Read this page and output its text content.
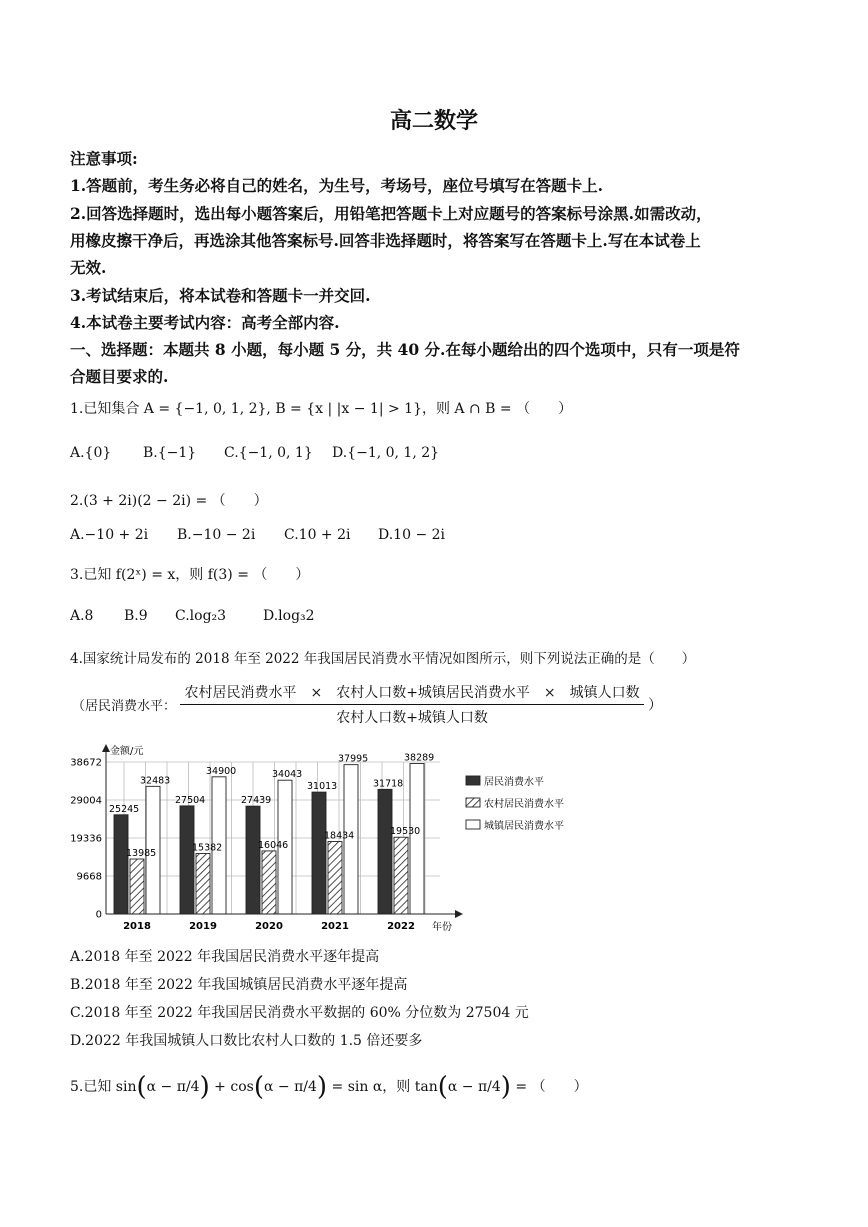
高二数学
注意事项:
1.答题前，考生务必将自己的姓名，为生号，考场号，座位号填写在答题卡上.
2.回答选择题时，选出每小题答案后，用铅笔把答题卡上对应题号的答案标号涂黑.如需改动，
用橡皮擦干净后，再选涂其他答案标号.回答非选择题时，将答案写在答题卡上.写在本试卷上
无效.
3.考试结束后，将本试卷和答题卡一并交回.
4.本试卷主要考试内容：高考全部内容.
一、选择题：本题共 8 小题，每小题 5 分，共 40 分.在每小题给出的四个选项中，只有一项是符
合题目要求的.
1.已知集合 A = {−1, 0, 1, 2}, B = {x | |x − 1| > 1}，则 A ∩ B = （　　）
A.{0} B.{−1} C.{−1, 0, 1} D.{−1, 0, 1, 2}
2.(3 + 2i)(2 − 2i) = （　　）
A.−10 + 2i B.−10 − 2i C.10 + 2i D.10 − 2i
3.已知 f(2ˣ) = x，则 f(3) = （　　）
A.8 B.9 C.log₂3	D.log₃2
4.国家统计局发布的 2018 年至 2022 年我国居民消费水平情况如图所示，则下列说法正确的是（　　）
（居民消费水平： $\frac{\text{农村居民消费水平　×　农村人口数+城镇居民消费水平　×　城镇人口数}}{\text{农村人口数+城镇人口数}}$ ）
0
9668
19336
29004
38672
25245
13985
32483
2018
27504
15382
34900
2019
27439
16046
34043
2020
31013
18434
37995
2021
31718
19530
38289
2022
金额/元
年份
居民消费水平
农村居民消费水平
城镇居民消费水平
A.2018 年至 2022 年我国居民消费水平逐年提高
B.2018 年至 2022 年我国城镇居民消费水平逐年提高
C.2018 年至 2022 年我国居民消费水平数据的 60% 分位数为 27504 元
D.2022 年我国城镇人口数比农村人口数的 1.5 倍还要多
5.已知 sin(α − π/4) + cos(α − π/4) = sin α，则 tan(α − π/4) = （　　）
